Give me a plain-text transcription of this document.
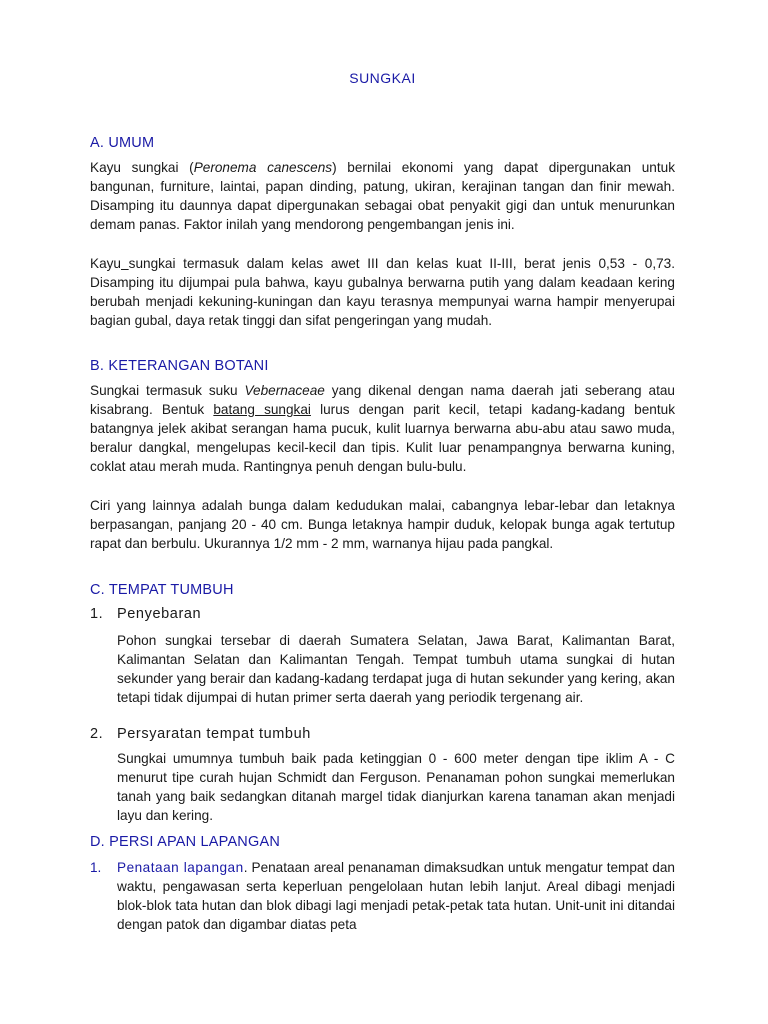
SUNGKAI
A. UMUM

Kayu sungkai (Peronema canescens) bernilai ekonomi yang dapat dipergunakan untuk bangunan, furniture, laintai, papan dinding, patung, ukiran, kerajinan tangan dan finir mewah. Disamping itu daunnya dapat dipergunakan sebagai obat penyakit gigi dan untuk menurunkan demam panas. Faktor inilah yang mendorong pengembangan jenis ini.

Kayu sungkai termasuk dalam kelas awet III dan kelas kuat II-III, berat jenis 0,53 - 0,73. Disamping itu dijumpai pula bahwa, kayu gubalnya berwarna putih yang dalam keadaan kering berubah menjadi kekuning-kuningan dan kayu terasnya mempunyai warna hampir menyerupai bagian gubal, daya retak tinggi dan sifat pengeringan yang mudah.

B. KETERANGAN BOTANI

Sungkai termasuk suku Vebernaceae yang dikenal dengan nama daerah jati seberang atau kisabrang. Bentuk batang sungkai lurus dengan parit kecil, tetapi kadang-kadang bentuk batangnya jelek akibat serangan hama pucuk, kulit luarnya berwarna abu-abu atau sawo muda, beralur dangkal, mengelupas kecil-kecil dan tipis. Kulit luar penampangnya berwarna kuning, coklat atau merah muda. Rantingnya penuh dengan bulu-bulu.

Ciri yang lainnya adalah bunga dalam kedudukan malai, cabangnya lebar-lebar dan letaknya berpasangan, panjang 20 - 40 cm. Bunga letaknya hampir duduk, kelopak bunga agak tertutup rapat dan berbulu. Ukurannya 1/2 mm - 2 mm, warnanya hijau pada pangkal.

C. TEMPAT TUMBUH
1. Penyebaran

Pohon sungkai tersebar di daerah Sumatera Selatan, Jawa Barat, Kalimantan Barat, Kalimantan Selatan dan Kalimantan Tengah. Tempat tumbuh utama sungkai di hutan sekunder yang berair dan kadang-kadang terdapat juga di hutan sekunder yang kering, akan tetapi tidak dijumpai di hutan primer serta daerah yang periodik tergenang air.

2. Persyaratan tempat tumbuh

Sungkai umumnya tumbuh baik pada ketinggian 0 - 600 meter dengan tipe iklim A - C menurut tipe curah hujan Schmidt dan Ferguson. Penanaman pohon sungkai memerlukan tanah yang baik sedangkan ditanah margel tidak dianjurkan karena tanaman akan menjadi layu dan kering.

D. PERSI APAN LAPANGAN

1. Penataan lapangan. Penataan areal penanaman dimaksudkan untuk mengatur tempat dan waktu, pengawasan serta keperluan pengelolaan hutan lebih lanjut. Areal dibagi menjadi blok-blok tata hutan dan blok dibagi lagi menjadi petak-petak tata hutan. Unit-unit ini ditandai dengan patok dan digambar diatas peta
